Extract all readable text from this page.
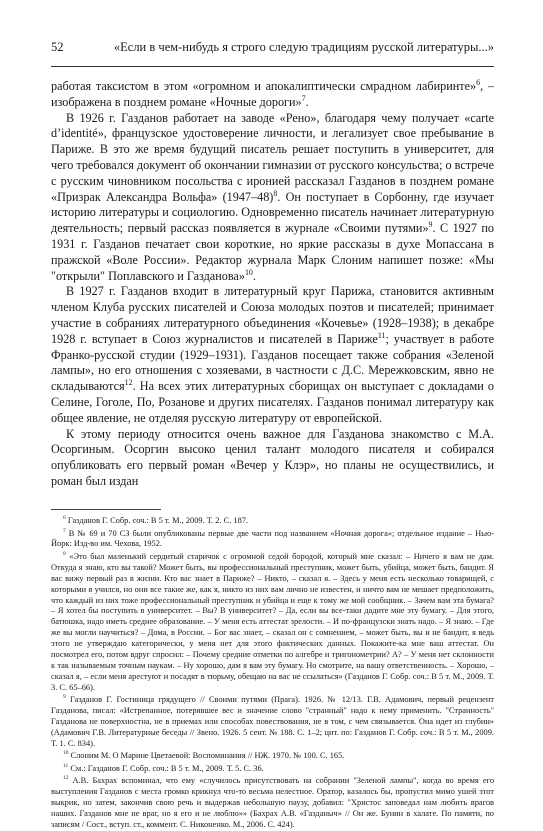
52	«Если в чем-нибудь я строго следую традициям русской литературы...»

работая таксистом в этом «огромном и апокалиптически смрадном лабиринте»$^6$, – изображена в позднем романе «Ночные дороги»$^7$.

В 1926 г. Газданов работает на заводе «Рено», благодаря чему получает «carte d’identité», французское удостоверение личности, и легализует свое пребывание в Париже. В это же время будущий писатель решает поступить в университет, для чего требовался документ об окончании гимназии от русского консульства; о встрече с русским чиновником посольства с иронией рассказал Газданов в позднем романе «Призрак Александра Вольфа» (1947–48)$^8$. Он поступает в Сорбонну, где изучает историю литературы и социологию. Одновременно писатель начинает литературную деятельность; первый рассказ появляется в журнале «Своими путями»$^9$. С 1927 по 1931 г. Газданов печатает свои короткие, но яркие рассказы в духе Мопассана в пражской «Воле России». Редактор журнала Марк Слоним напишет позже: «Мы "открыли" Поплавского и Газданова»$^{10}$.

В 1927 г. Газданов входит в литературный круг Парижа, становится активным членом Клуба русских писателей и Союза молодых поэтов и писателей; принимает участие в собраниях литературного объединения «Кочевье» (1928–1938); в декабре 1928 г. вступает в Союз журналистов и писателей в Париже$^{11}$; участвует в работе Франко-русской студии (1929–1931). Газданов посещает также собрания «Зеленой лампы», но его отношения с хозяевами, в частности с Д.С. Мережковским, явно не складываются$^{12}$. На всех этих литературных сборищах он выступает с докладами о Селине, Гоголе, По, Розанове и других писателях. Газданов понимал литературу как общее явление, не отделяя русскую литературу от европейской.

К этому периоду относится очень важное для Газданова знакомство с М.А. Осоргиным. Осоргин высоко ценил талант молодого писателя и собирался опубликовать его первый роман «Вечер у Клэр», но планы не осуществились, и роман был издан

$^6$ Газданов Г. Собр. соч.: В 5 т. М., 2009. Т. 2. С. 187.

$^7$ В № 69 и 70 СЗ были опубликованы первые две части под названием «Ночная дорога»; отдельное издание – Нью-Йорк: Изд-во им. Чехова, 1952.

$^8$ «Это был маленький сердитый старичок с огромной седой бородой, который мне сказал: – Ничего я вам не дам. Откуда я знаю, кто вы такой? Может быть, вы профессиональный преступник, может быть, убийца, может быть, бандит. Я вас вижу первый раз в жизни. Кто вас знает в Париже? – Никто, – сказал я. – Здесь у меня есть несколько товарищей, с которыми я учился, но они все такие же, как я, никто из них вам лично не известен, и ничто вам не мешает предположить, что каждый из них тоже профессиональный преступник и убийца и еще к тому же мой сообщник. – Зачем вам эта бумага? – Я хотел бы поступить в университет. – Вы? В университет? – Да, если вы все-таки дадите мне эту бумагу. – Для этого, батюшка, надо иметь среднее образование. – У меня есть аттестат зрелости. – И по-французски знать надо. – Я знаю. – Где же вы могли научиться? – Дома, в России. – Бог вас знает, – сказал он с сомнением, – может быть, вы и не бандит, я ведь этого не утверждаю категорически, у меня нет для этого фактических данных. Покажите-ка мне ваш аттестат. Он посмотрел его, потом вдруг спросил: – Почему средние отметки по алгебре и тригонометрии? А? – У меня нет склонности к так называемым точным наукам. – Ну хорошо, дам я вам эту бумагу. Но смотрите, на вашу ответственность. – Хорошо, – сказал я, – если меня арестуют и посадят в тюрьму, обещаю на вас не ссылаться» (Газданов Г. Собр. соч.: В 5 т. М., 2009. Т. 3. С. 65–66).

$^9$ Газданов Г. Гостиница грядущего // Своими путями (Прага). 1926. № 12/13. Г.В. Адамович, первый рецензент Газданова, писал: «Истрепанное, потерявшее вес и значение слово "странный" надо к нему применить. "Странность" Газданова не поверхностна, не в приемах или способах повествования, не в том, с чем связывается. Она идет из глубин» (Адамович Г.В. Литературные беседы // Звено. 1926. 5 сент. № 188. С. 1–2; цит. по: Газданов Г. Собр. соч.: В 5 т. М., 2009. Т. 1. С. 834).

$^{10}$ Слоним М. О Марине Цветаевой: Воспоминания // НЖ. 1970. № 100. С. 165.

$^{11}$ См.: Газданов Г. Собр. соч.: В 5 т. М., 2009. Т. 5. С. 36.

$^{12}$ А.В. Бахрах вспоминал, что ему «случилось присутствовать на собрании "Зеленой лампы", когда во время его выступления Газданов с места громко крикнул что-то весьма нелестное. Оратор, казалось бы, пропустил мимо ушей этот выкрик, но затем, закончив свою речь и выдержав небольшую паузу, добавил: "Христос заповедал нам любить врагов наших. Газданов мне не враг, но я его и не люблю»» (Бахрах А.В. «Газданыч» // Он же. Бунин в халате. По памяти, по записям / Сост., вступ. ст., коммент. С. Никоненко. М., 2006. С. 424).
